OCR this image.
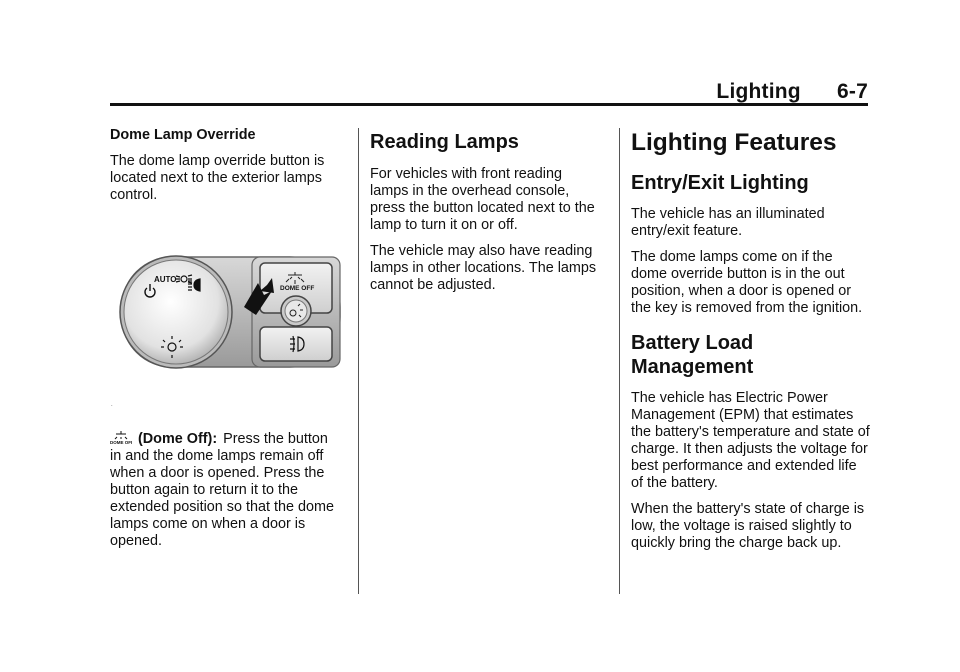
Lighting 6-7
Dome Lamp Override

The dome lamp override button is located next to the exterior lamps control.

AUTO
DOME OFF
.
DOME OFF (Dome Off): Press the button in and the dome lamps remain off when a door is opened. Press the button again to return it to the extended position so that the dome lamps come on when a door is opened.
Reading Lamps

For vehicles with front reading lamps in the overhead console, press the button located next to the lamp to turn it on or off.

The vehicle may also have reading lamps in other locations. The lamps cannot be adjusted.

Lighting Features
Entry/Exit Lighting

The vehicle has an illuminated entry/exit feature.

The dome lamps come on if the dome override button is in the out position, when a door is opened or the key is removed from the ignition.

Battery Load Management

The vehicle has Electric Power Management (EPM) that estimates the battery's temperature and state of charge. It then adjusts the voltage for best performance and extended life of the battery.

When the battery's state of charge is low, the voltage is raised slightly to quickly bring the charge back up.
